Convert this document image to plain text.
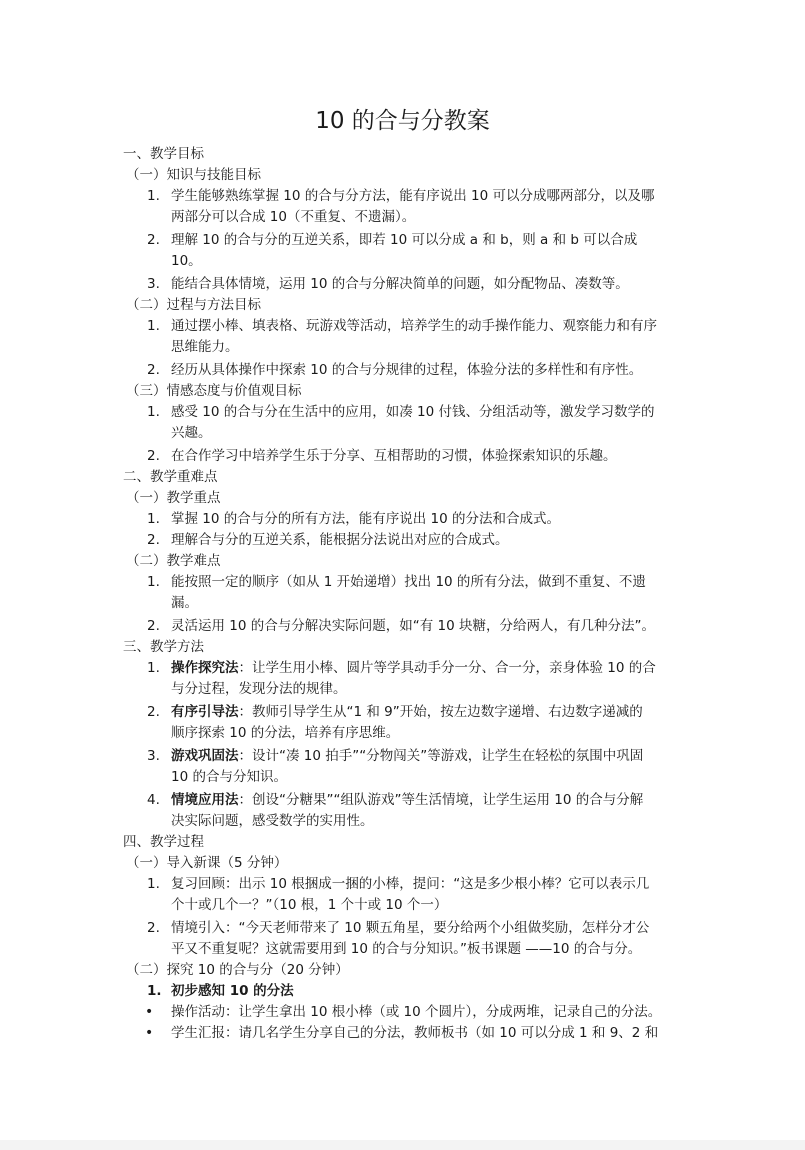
10 的合与分教案
一、教学目标
（一）知识与技能目标
1. 学生能够熟练掌握 10 的合与分方法，能有序说出 10 可以分成哪两部分，以及哪
两部分可以合成 10（不重复、不遗漏）。
2. 理解 10 的合与分的互逆关系，即若 10 可以分成 a 和 b，则 a 和 b 可以合成
10。
3. 能结合具体情境，运用 10 的合与分解决简单的问题，如分配物品、凑数等。
（二）过程与方法目标
1. 通过摆小棒、填表格、玩游戏等活动，培养学生的动手操作能力、观察能力和有序
思维能力。
2. 经历从具体操作中探索 10 的合与分规律的过程，体验分法的多样性和有序性。
（三）情感态度与价值观目标
1. 感受 10 的合与分在生活中的应用，如凑 10 付钱、分组活动等，激发学习数学的
兴趣。
2. 在合作学习中培养学生乐于分享、互相帮助的习惯，体验探索知识的乐趣。
二、教学重难点
（一）教学重点
1. 掌握 10 的合与分的所有方法，能有序说出 10 的分法和合成式。
2. 理解合与分的互逆关系，能根据分法说出对应的合成式。
（二）教学难点
1. 能按照一定的顺序（如从 1 开始递增）找出 10 的所有分法，做到不重复、不遗
漏。
2. 灵活运用 10 的合与分解决实际问题，如“有 10 块糖，分给两人，有几种分法”。
三、教学方法
1. 操作探究法：让学生用小棒、圆片等学具动手分一分、合一分，亲身体验 10 的合
与分过程，发现分法的规律。
2. 有序引导法：教师引导学生从“1 和 9”开始，按左边数字递增、右边数字递减的
顺序探索 10 的分法，培养有序思维。
3. 游戏巩固法：设计“凑 10 拍手”“分物闯关”等游戏，让学生在轻松的氛围中巩固
10 的合与分知识。
4. 情境应用法：创设“分糖果”“组队游戏”等生活情境，让学生运用 10 的合与分解
决实际问题，感受数学的实用性。
四、教学过程
（一）导入新课（5 分钟）
1. 复习回顾：出示 10 根捆成一捆的小棒，提问：“这是多少根小棒？它可以表示几
个十或几个一？”（10 根，1 个十或 10 个一）
2. 情境引入：“今天老师带来了 10 颗五角星，要分给两个小组做奖励，怎样分才公
平又不重复呢？这就需要用到 10 的合与分知识。”板书课题 ——10 的合与分。
（二）探究 10 的合与分（20 分钟）
1. 初步感知 10 的分法
• 操作活动：让学生拿出 10 根小棒（或 10 个圆片），分成两堆，记录自己的分法。
• 学生汇报：请几名学生分享自己的分法，教师板书（如 10 可以分成 1 和 9、2 和
